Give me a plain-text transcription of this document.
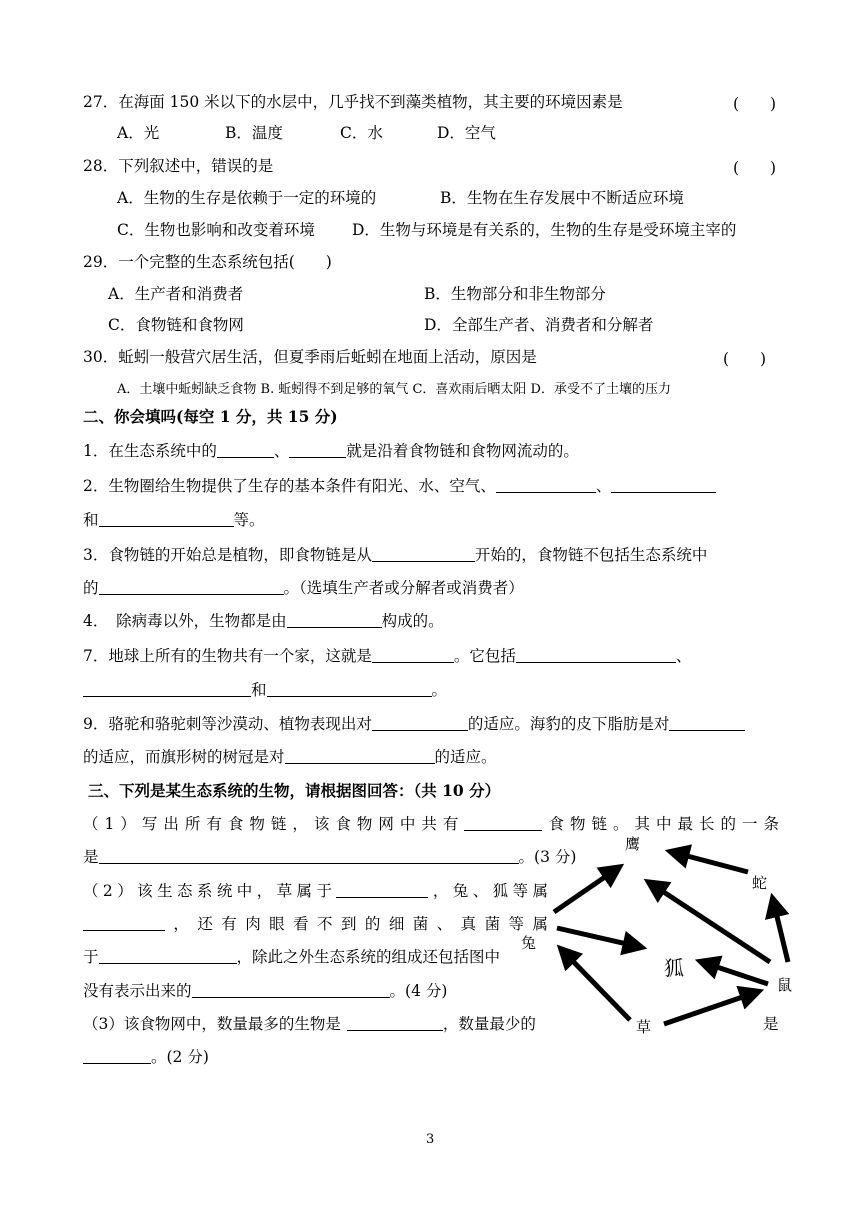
27．在海面 150 米以下的水层中，几乎找不到藻类植物，其主要的环境因素是	(　　)
A．光	B．温度	C．水	D．空气
28．下列叙述中，错误的是	(　　)
A．生物的生存是依赖于一定的环境的	B．生物在生存发展中不断适应环境
C．生物也影响和改变着环境 D．生物与环境是有关系的，生物的生存是受环境主宰的
29．一个完整的生态系统包括(　　)
A．生产者和消费者	B．生物部分和非生物部分
C．食物链和食物网	D．全部生产者、消费者和分解者
30．蚯蚓一般营穴居生活，但夏季雨后蚯蚓在地面上活动，原因是	(　　)
A．土壤中蚯蚓缺乏食物 B. 蚯蚓得不到足够的氧气 C．喜欢雨后晒太阳 D．承受不了土壤的压力
二、你会填吗(每空 1 分，共 15 分)
1．在生态系统中的	、	就是沿着食物链和食物网流动的。
2．生物圈给生物提供了生存的基本条件有阳光、水、空气、	、
和	等。
3．食物链的开始总是植物，即食物链是从	开始的，食物链不包括生态系统中
的	。（选填生产者或分解者或消费者）
4．　除病毒以外，生物都是由	构成的。
7．地球上所有的生物共有一个家，这就是	。它包括	、
和	。
9．骆驼和骆驼刺等沙漠动、植物表现出对	的适应。海豹的皮下脂肪是对
的适应，而旗形树的树冠是对	的适应。
三、下列是某生态系统的生物，请根据图回答：（共 10 分）
（1）写出所有食物链，该食物网中共有	食物链。其中最长的一条
是	。(3 分)
（2）该生态系统中，草属于	，兔、狐等属
，还有肉眼看不到的细菌、真菌等属
于	，除此之外生态系统的组成还包括图中
没有表示出来的	。(4 分)
（3）该食物网中，数量最多的生物是	，数量最少的	是
。(2 分)
鹰
蛇
兔
狐
鼠
草
3
